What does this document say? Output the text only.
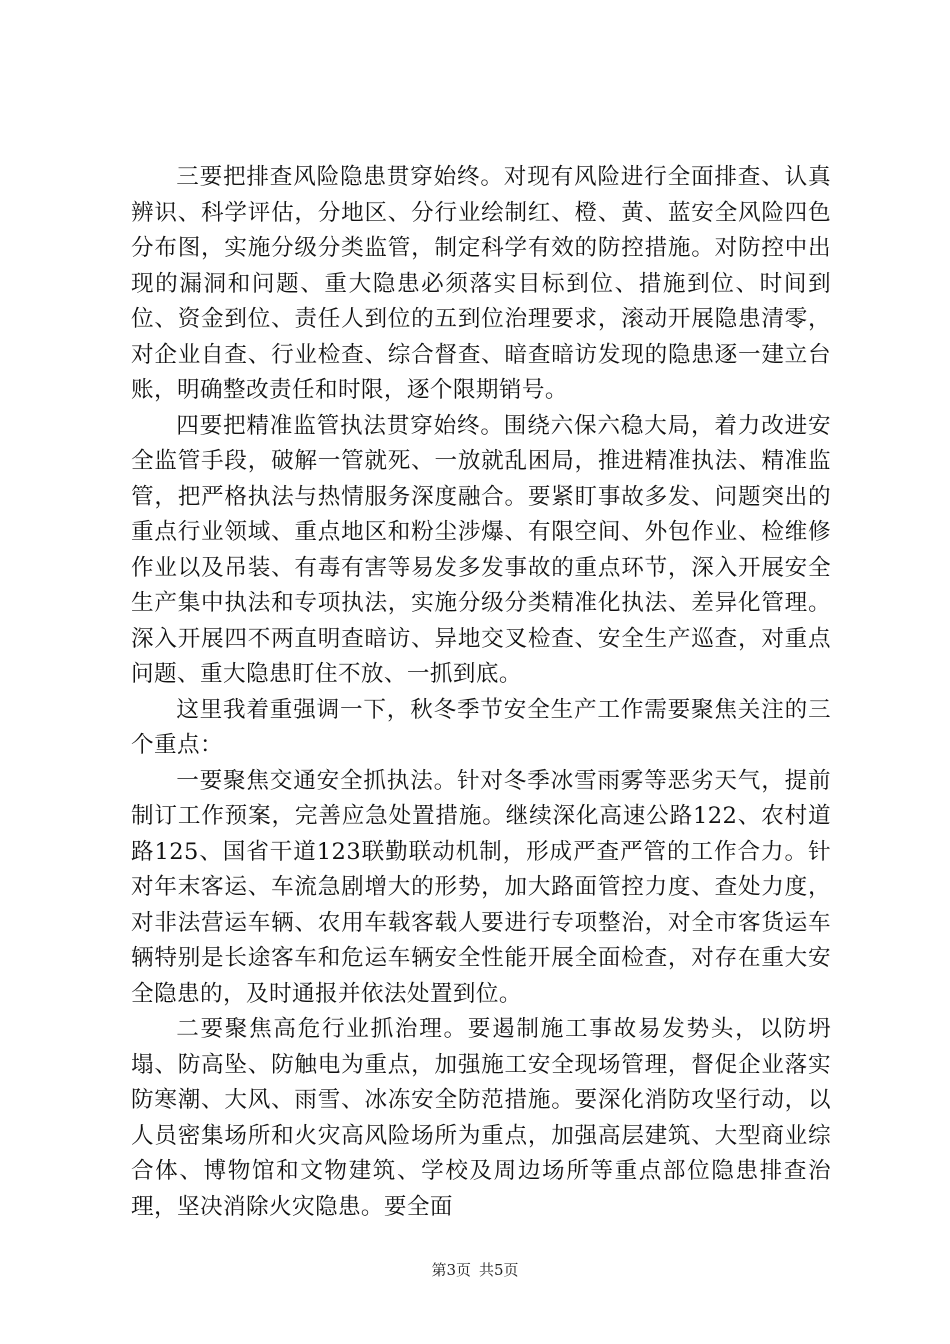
三要把排查风险隐患贯穿始终。对现有风险进行全面排查、认真辨识、科学评估，分地区、分行业绘制红、橙、黄、蓝安全风险四色分布图，实施分级分类监管，制定科学有效的防控措施。对防控中出现的漏洞和问题、重大隐患必须落实目标到位、措施到位、时间到位、资金到位、责任人到位的五到位治理要求，滚动开展隐患清零，对企业自查、行业检查、综合督查、暗查暗访发现的隐患逐一建立台账，明确整改责任和时限，逐个限期销号。

四要把精准监管执法贯穿始终。围绕六保六稳大局，着力改进安全监管手段，破解一管就死、一放就乱困局，推进精准执法、精准监管，把严格执法与热情服务深度融合。要紧盯事故多发、问题突出的重点行业领域、重点地区和粉尘涉爆、有限空间、外包作业、检维修作业以及吊装、有毒有害等易发多发事故的重点环节，深入开展安全生产集中执法和专项执法，实施分级分类精准化执法、差异化管理。深入开展四不两直明查暗访、异地交叉检查、安全生产巡查，对重点问题、重大隐患盯住不放、一抓到底。

这里我着重强调一下，秋冬季节安全生产工作需要聚焦关注的三个重点：

一要聚焦交通安全抓执法。针对冬季冰雪雨雾等恶劣天气，提前制订工作预案，完善应急处置措施。继续深化高速公路122、农村道路125、国省干道123联勤联动机制，形成严查严管的工作合力。针对年末客运、车流急剧增大的形势，加大路面管控力度、查处力度，对非法营运车辆、农用车载客载人要进行专项整治，对全市客货运车辆特别是长途客车和危运车辆安全性能开展全面检查，对存在重大安全隐患的，及时通报并依法处置到位。

二要聚焦高危行业抓治理。要遏制施工事故易发势头，以防坍塌、防高坠、防触电为重点，加强施工安全现场管理，督促企业落实防寒潮、大风、雨雪、冰冻安全防范措施。要深化消防攻坚行动，以人员密集场所和火灾高风险场所为重点，加强高层建筑、大型商业综合体、博物馆和文物建筑、学校及周边场所等重点部位隐患排查治理，坚决消除火灾隐患。要全面

第3页 共5页
